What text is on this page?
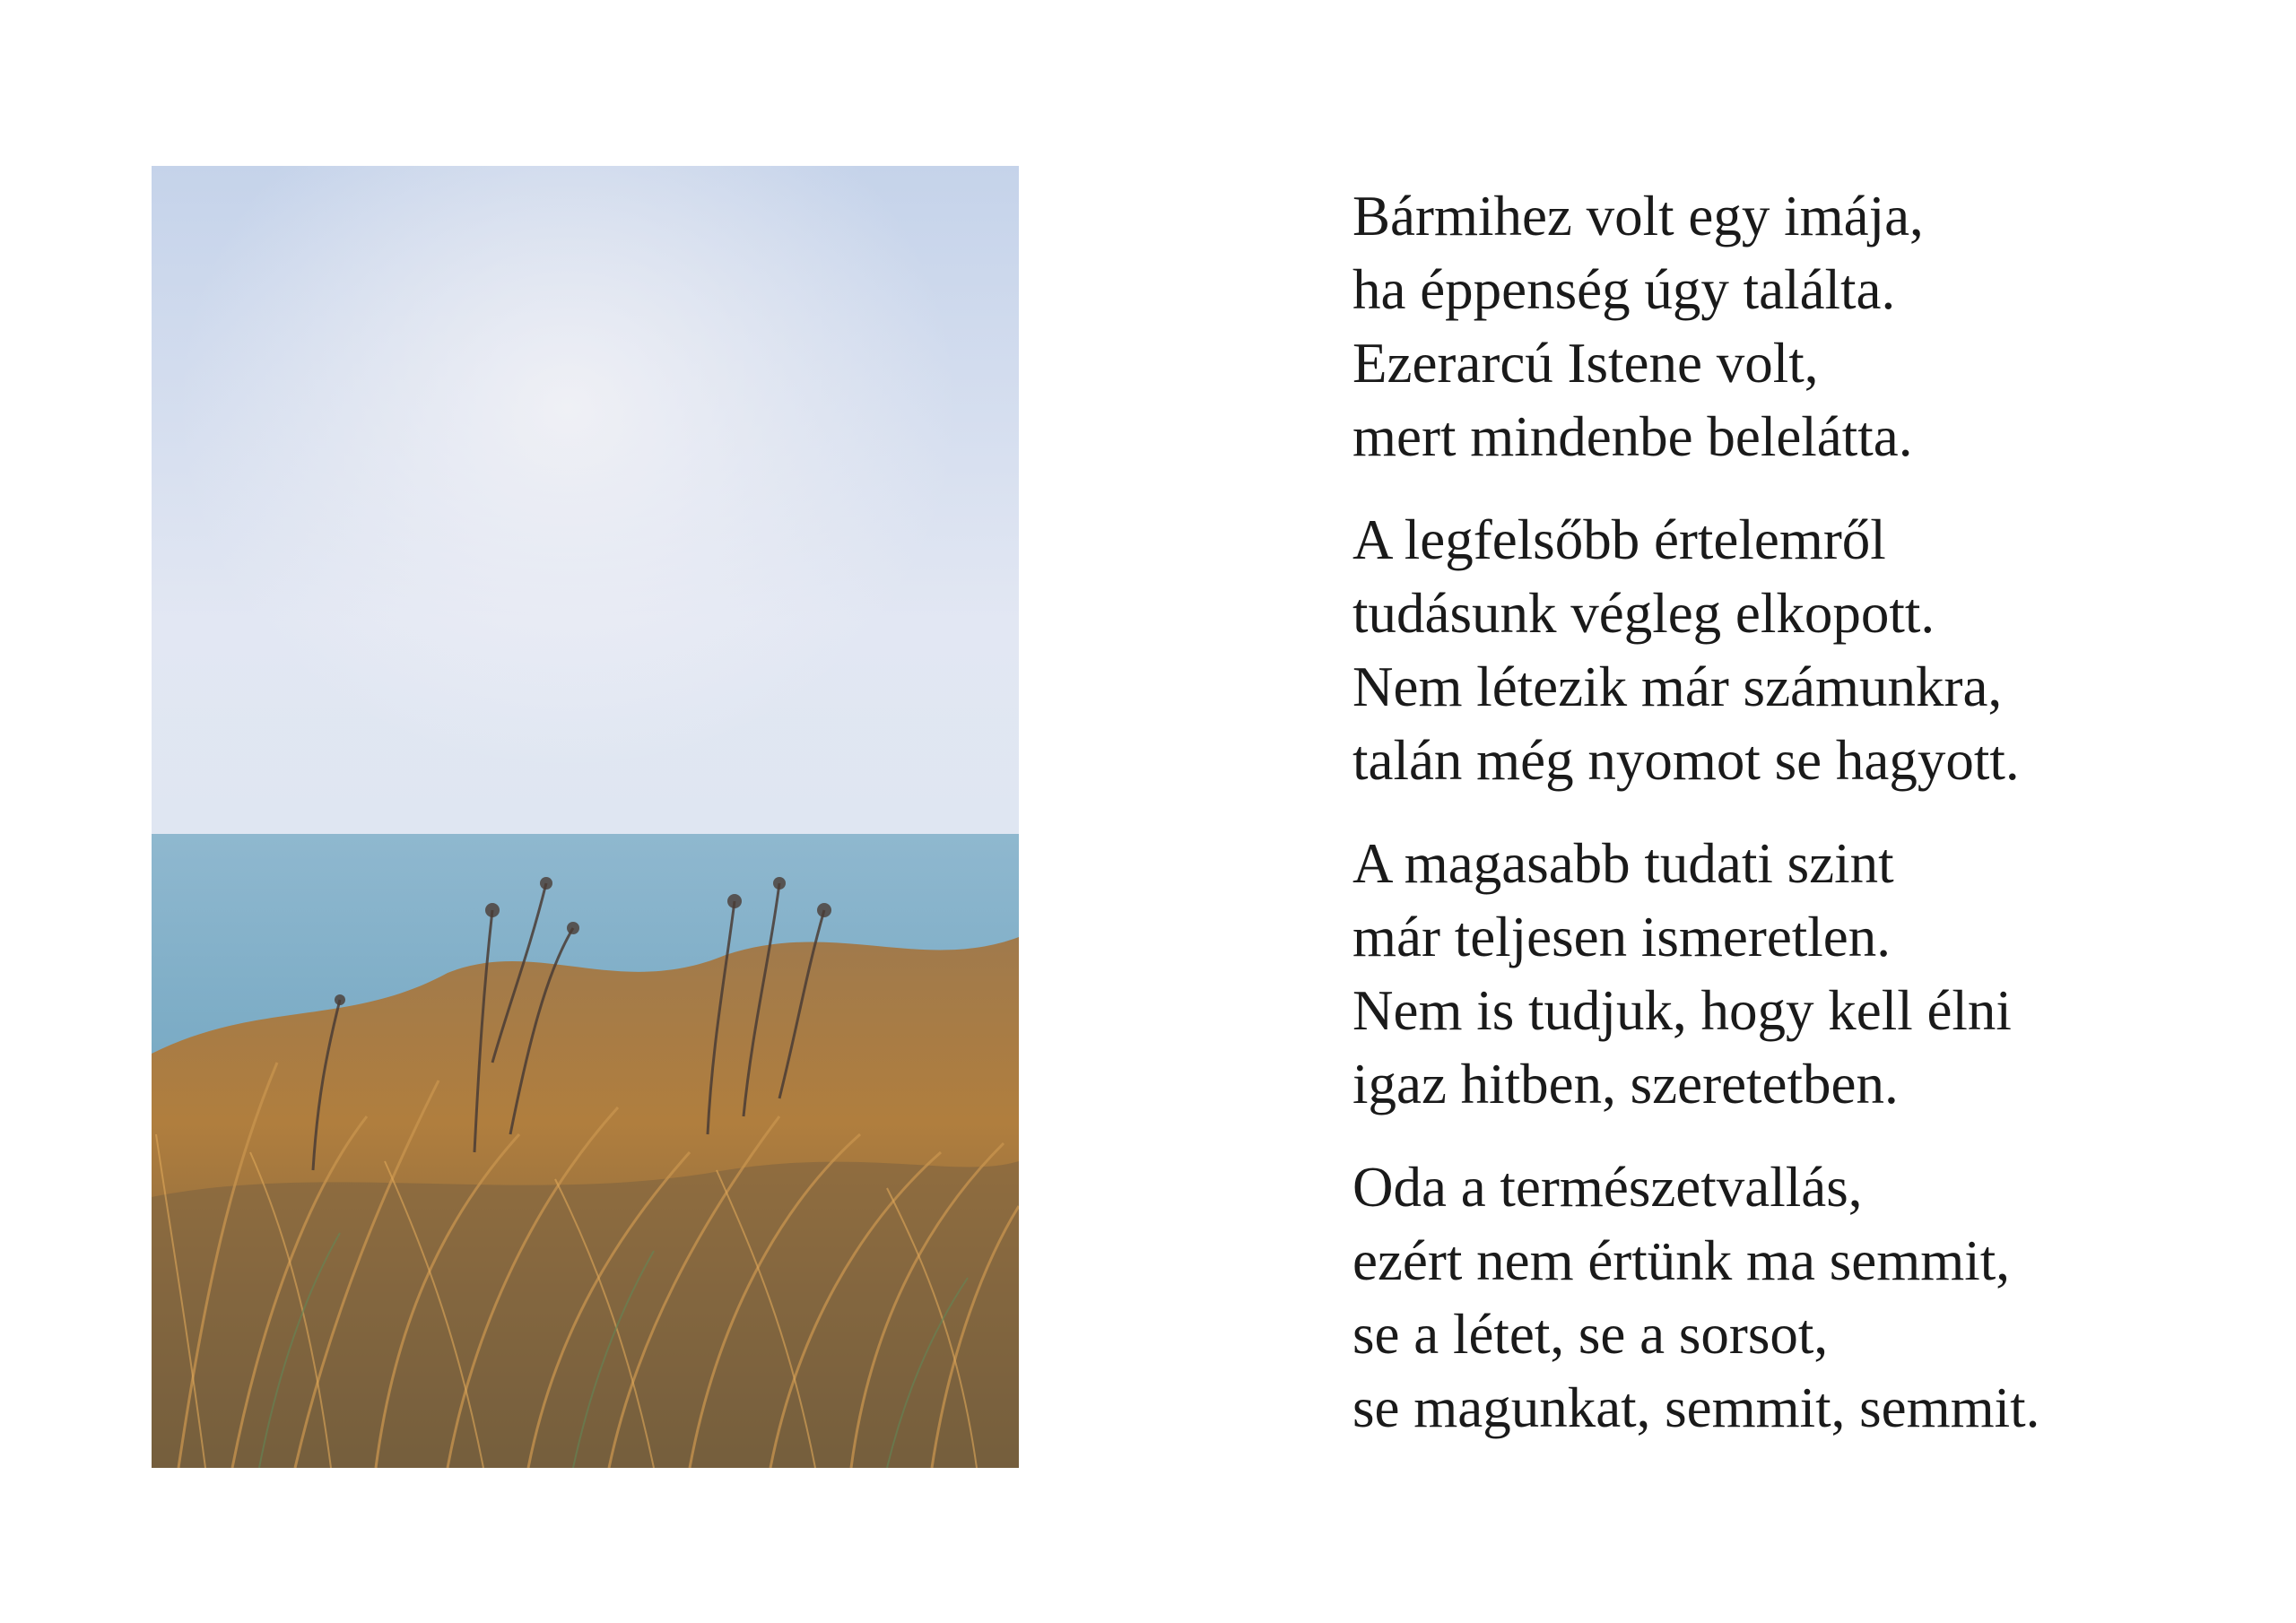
Bármihez volt egy imája,
ha éppenség úgy találta.
Ezerarcú Istene volt,
mert mindenbe belelátta.
A legfelsőbb értelemről
tudásunk végleg elkopott.
Nem létezik már számunkra,
talán még nyomot se hagyott.
A magasabb tudati szint
már teljesen ismeretlen.
Nem is tudjuk, hogy kell élni
igaz hitben, szeretetben.
Oda a természetvallás,
ezért nem értünk ma semmit,
se a létet, se a sorsot,
se magunkat, semmit, semmit.
